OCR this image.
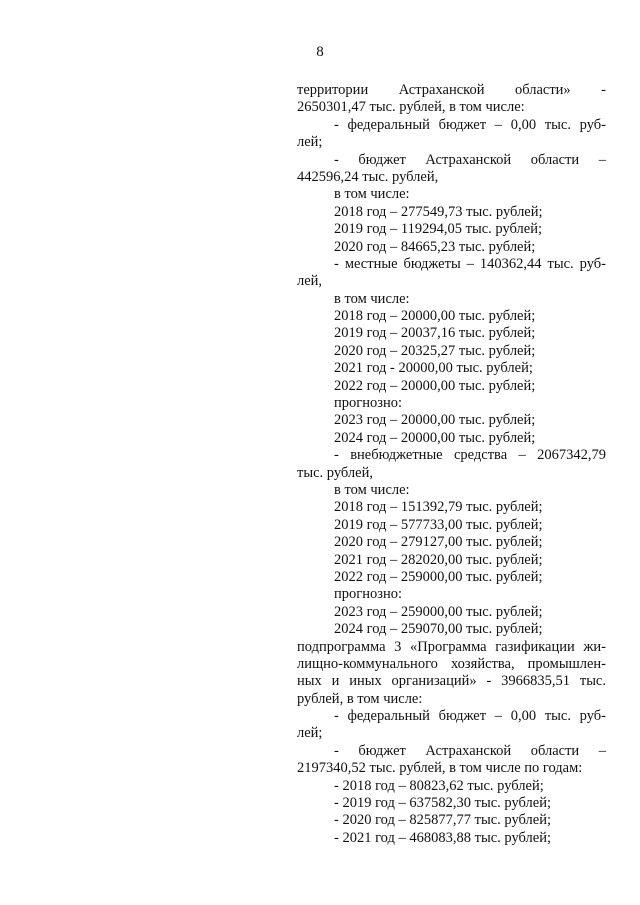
8
территории Астраханской области» -
2650301,47 тыс. рублей, в том числе:
- федеральный бюджет – 0,00 тыс. руб-
лей;
- бюджет Астраханской области –
442596,24 тыс. рублей,
в том числе:
2018 год – 277549,73 тыс. рублей;
2019 год – 119294,05 тыс. рублей;
2020 год – 84665,23 тыс. рублей;
- местные бюджеты – 140362,44 тыс. руб-
лей,
в том числе:
2018 год – 20000,00 тыс. рублей;
2019 год – 20037,16 тыс. рублей;
2020 год – 20325,27 тыс. рублей;
2021 год - 20000,00 тыс. рублей;
2022 год – 20000,00 тыс. рублей;
прогнозно:
2023 год – 20000,00 тыс. рублей;
2024 год – 20000,00 тыс. рублей;
- внебюджетные средства – 2067342,79
тыс. рублей,
в том числе:
2018 год – 151392,79 тыс. рублей;
2019 год – 577733,00 тыс. рублей;
2020 год – 279127,00 тыс. рублей;
2021 год – 282020,00 тыс. рублей;
2022 год – 259000,00 тыс. рублей;
прогнозно:
2023 год – 259000,00 тыс. рублей;
2024 год – 259070,00 тыс. рублей;
подпрограмма 3 «Программа газификации жи-
лищно-коммунального хозяйства, промышлен-
ных и иных организаций» - 3966835,51 тыс.
рублей, в том числе:
- федеральный бюджет – 0,00 тыс. руб-
лей;
- бюджет Астраханской области –
2197340,52 тыс. рублей, в том числе по годам:
- 2018 год – 80823,62 тыс. рублей;
- 2019 год – 637582,30 тыс. рублей;
- 2020 год – 825877,77 тыс. рублей;
- 2021 год – 468083,88 тыс. рублей;
